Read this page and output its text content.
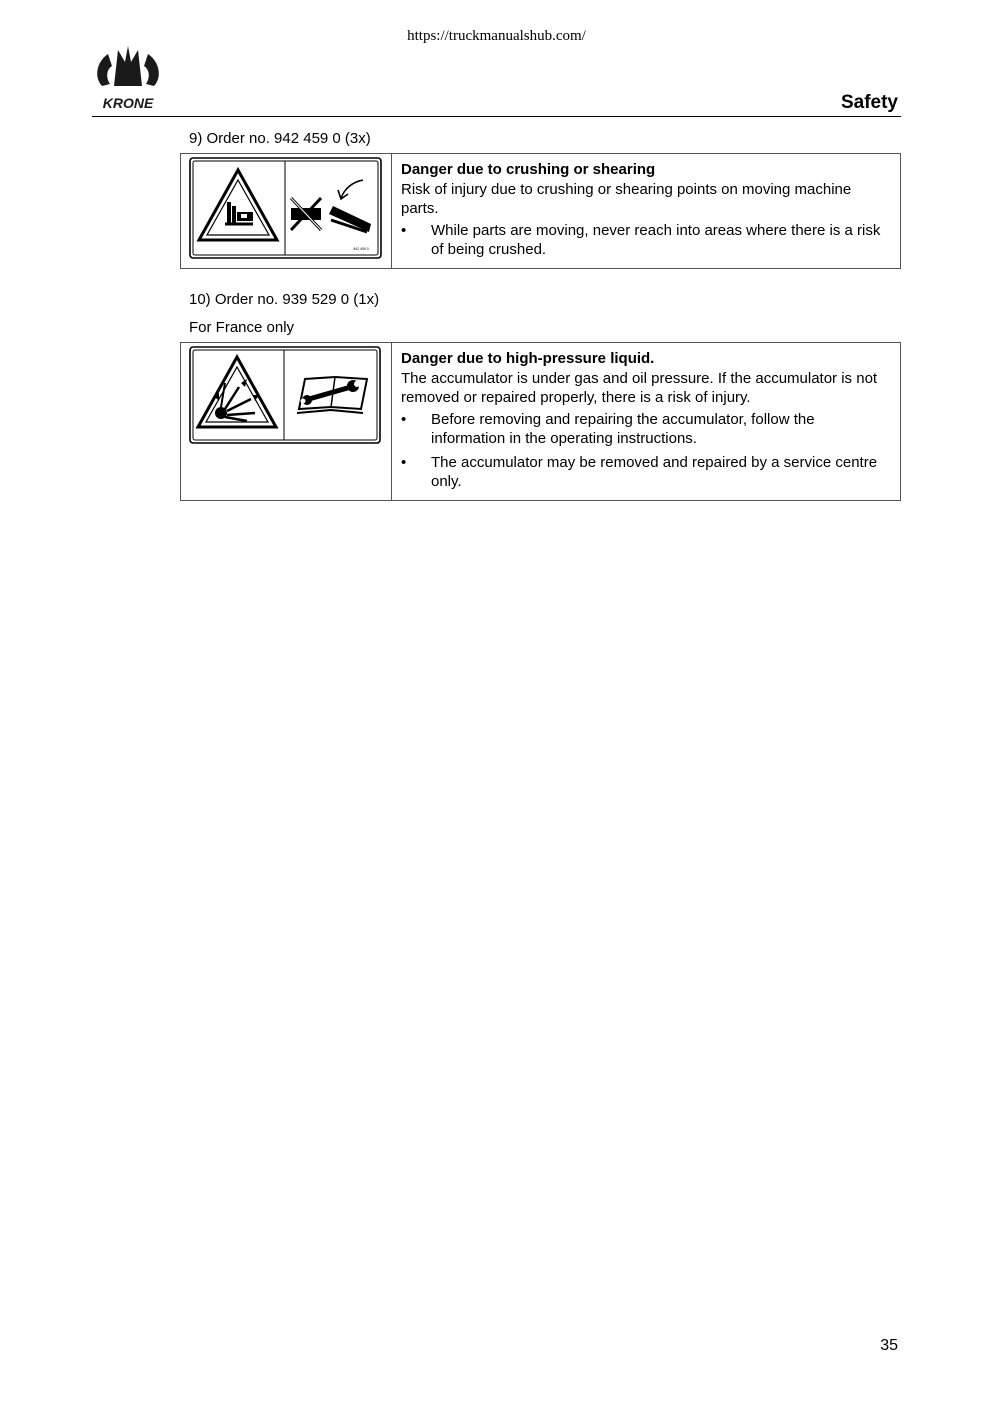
https://truckmanualshub.com/
KRONE	Safety
9) Order no. 942 459 0 (3x)
942 459 0

Danger due to crushing or shearing
Risk of injury due to crushing or shearing points on moving machine parts.
• While parts are moving, never reach into areas where there is a risk of being crushed.
10) Order no. 939 529 0 (1x)
For France only

Danger due to high-pressure liquid.
The accumulator is under gas and oil pressure. If the accumulator is not removed or repaired properly, there is a risk of injury.
• Before removing and repairing the accumulator, follow the information in the operating instructions.
• The accumulator may be removed and repaired by a service centre only.
35
